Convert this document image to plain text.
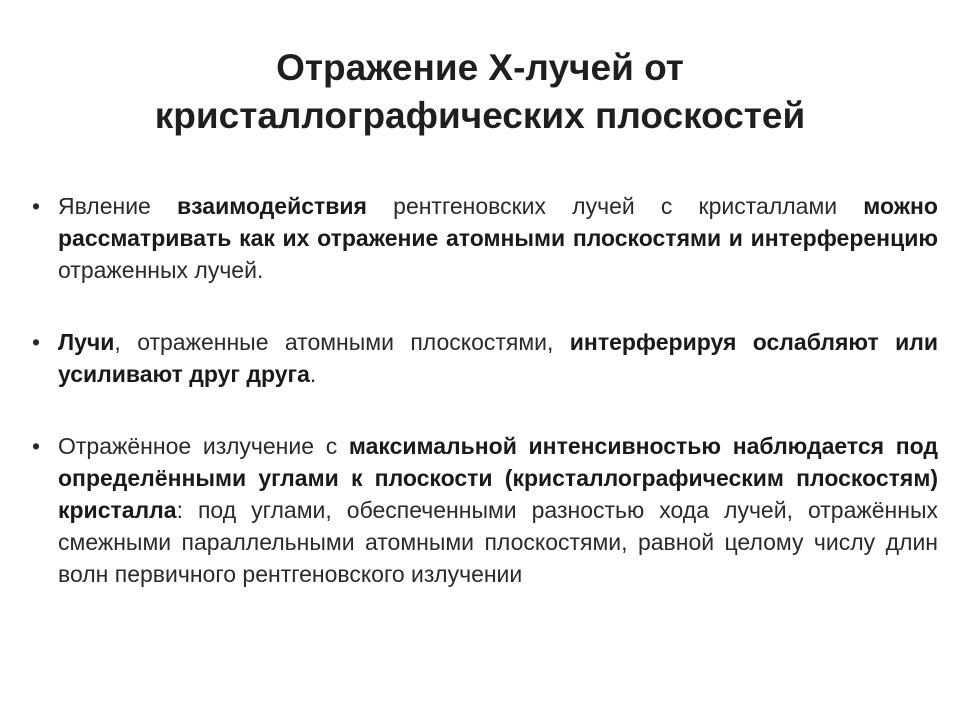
Отражение Х-лучей от
кристаллографических плоскостей
• Явление взаимодействия рентгеновских лучей с кристаллами можно рассматривать как их отражение атомными плоскостями и интерференцию отраженных лучей.
• Лучи, отраженные атомными плоскостями, интерферируя ослабляют или усиливают друг друга.
• Отражённое излучение с максимальной интенсивностью наблюдается под определёнными углами к плоскости (кристаллографическим плоскостям) кристалла: под углами, обеспеченными разностью хода лучей, отражённых смежными параллельными атомными плоскостями, равной целому числу длин волн первичного рентгеновского излучении
